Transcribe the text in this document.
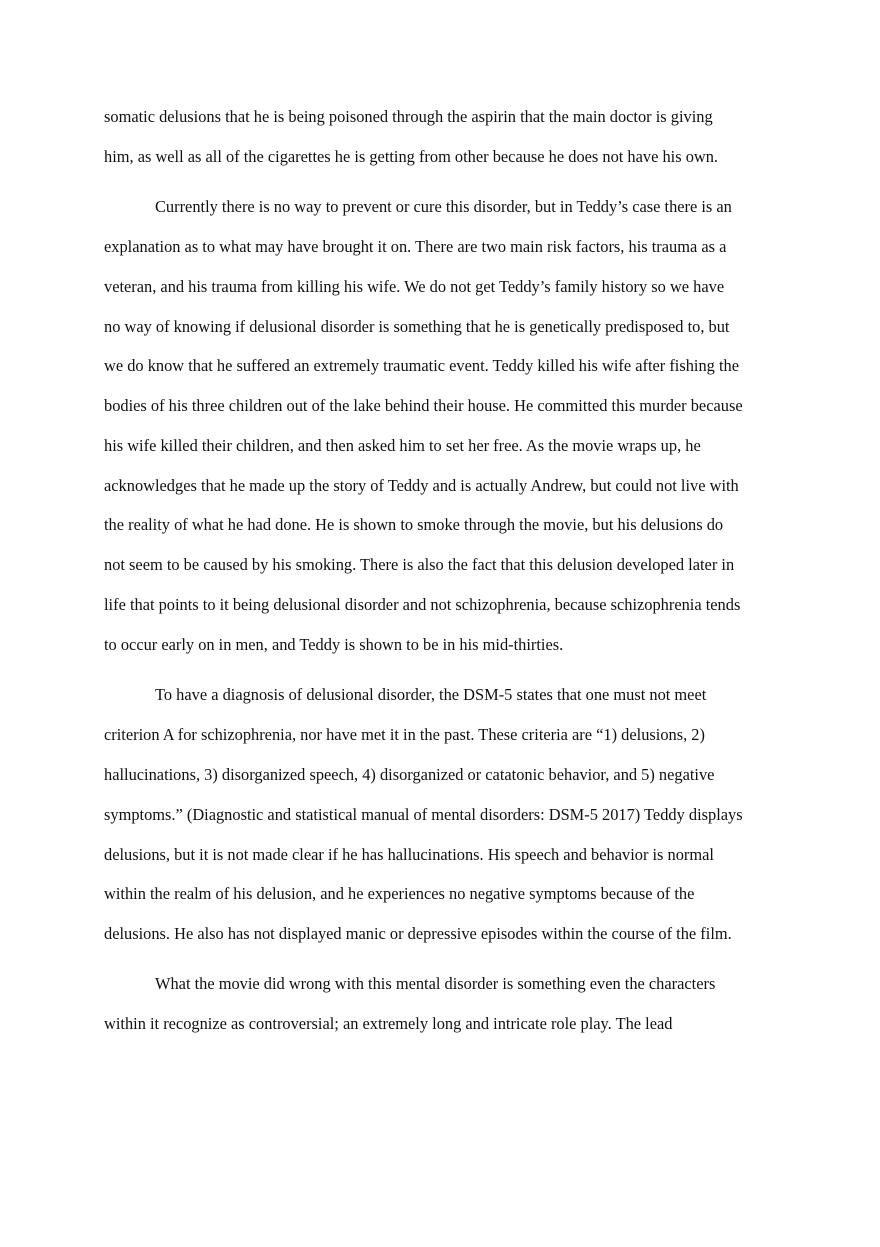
somatic delusions that he is being poisoned through the aspirin that the main doctor is giving

him, as well as all of the cigarettes he is getting from other because he does not have his own.

Currently there is no way to prevent or cure this disorder, but in Teddy’s case there is an

explanation as to what may have brought it on. There are two main risk factors, his trauma as a

veteran, and his trauma from killing his wife. We do not get Teddy’s family history so we have

no way of knowing if delusional disorder is something that he is genetically predisposed to, but

we do know that he suffered an extremely traumatic event. Teddy killed his wife after fishing the

bodies of his three children out of the lake behind their house. He committed this murder because

his wife killed their children, and then asked him to set her free. As the movie wraps up, he

acknowledges that he made up the story of Teddy and is actually Andrew, but could not live with

the reality of what he had done. He is shown to smoke through the movie, but his delusions do

not seem to be caused by his smoking. There is also the fact that this delusion developed later in

life that points to it being delusional disorder and not schizophrenia, because schizophrenia tends

to occur early on in men, and Teddy is shown to be in his mid-thirties.

To have a diagnosis of delusional disorder, the DSM-5 states that one must not meet

criterion A for schizophrenia, nor have met it in the past. These criteria are “1) delusions, 2)

hallucinations, 3) disorganized speech, 4) disorganized or catatonic behavior, and 5) negative

symptoms.” (Diagnostic and statistical manual of mental disorders: DSM-5 2017) Teddy displays

delusions, but it is not made clear if he has hallucinations. His speech and behavior is normal

within the realm of his delusion, and he experiences no negative symptoms because of the

delusions. He also has not displayed manic or depressive episodes within the course of the film.

What the movie did wrong with this mental disorder is something even the characters

within it recognize as controversial; an extremely long and intricate role play. The lead
